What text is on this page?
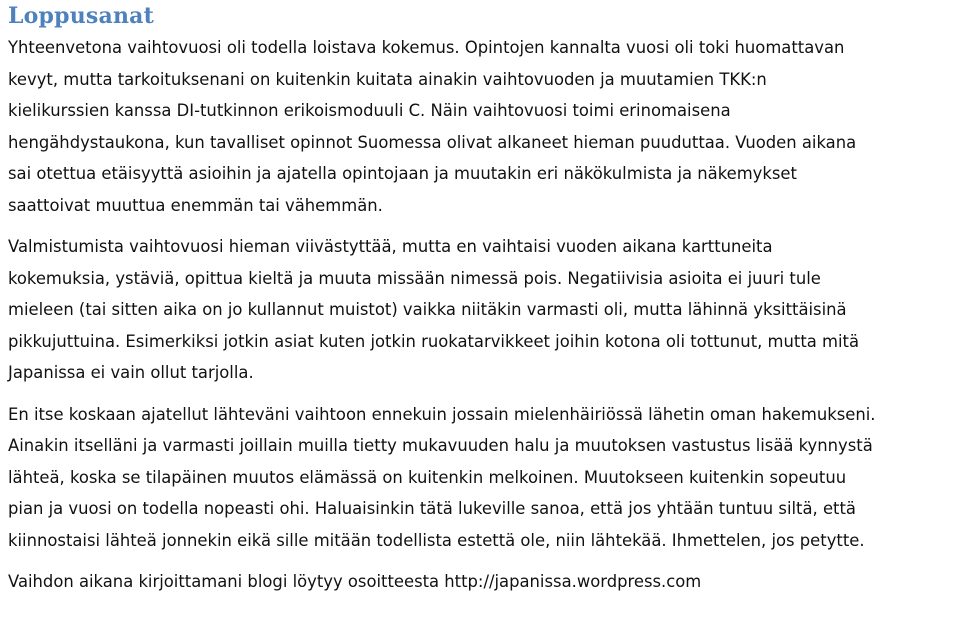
Loppusanat
Yhteenvetona vaihtovuosi oli todella loistava kokemus. Opintojen kannalta vuosi oli toki huomattavan
kevyt, mutta tarkoituksenani on kuitenkin kuitata ainakin vaihtovuoden ja muutamien TKK:n
kielikurssien kanssa DI-tutkinnon erikoismoduuli C. Näin vaihtovuosi toimi erinomaisena
hengähdystaukona, kun tavalliset opinnot Suomessa olivat alkaneet hieman puuduttaa. Vuoden aikana
sai otettua etäisyyttä asioihin ja ajatella opintojaan ja muutakin eri näkökulmista ja näkemykset
saattoivat muuttua enemmän tai vähemmän.
Valmistumista vaihtovuosi hieman viivästyttää, mutta en vaihtaisi vuoden aikana karttuneita
kokemuksia, ystäviä, opittua kieltä ja muuta missään nimessä pois. Negatiivisia asioita ei juuri tule
mieleen (tai sitten aika on jo kullannut muistot) vaikka niitäkin varmasti oli, mutta lähinnä yksittäisinä
pikkujuttuina. Esimerkiksi jotkin asiat kuten jotkin ruokatarvikkeet joihin kotona oli tottunut, mutta mitä
Japanissa ei vain ollut tarjolla.
En itse koskaan ajatellut lähteväni vaihtoon ennekuin jossain mielenhäiriössä lähetin oman hakemukseni.
Ainakin itselläni ja varmasti joillain muilla tietty mukavuuden halu ja muutoksen vastustus lisää kynnystä
lähteä, koska se tilapäinen muutos elämässä on kuitenkin melkoinen. Muutokseen kuitenkin sopeutuu
pian ja vuosi on todella nopeasti ohi. Haluaisinkin tätä lukeville sanoa, että jos yhtään tuntuu siltä, että
kiinnostaisi lähteä jonnekin eikä sille mitään todellista estettä ole, niin lähtekää. Ihmettelen, jos petytte.
Vaihdon aikana kirjoittamani blogi löytyy osoitteesta http://japanissa.wordpress.com
